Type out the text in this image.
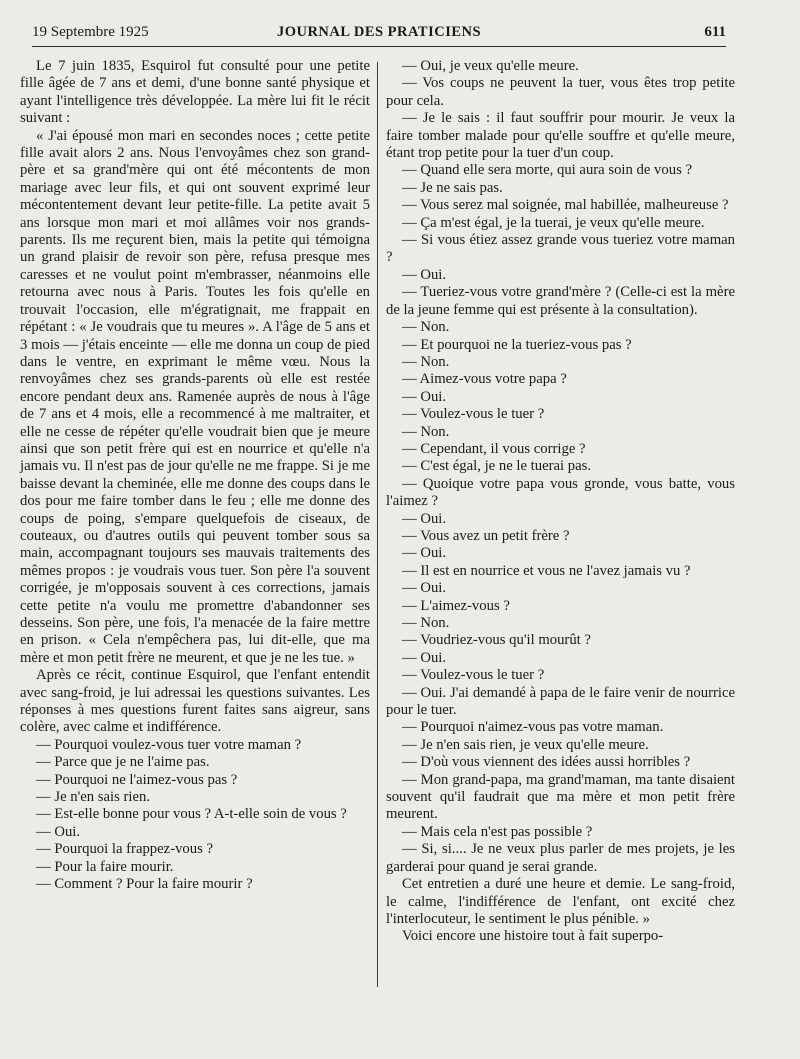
19 Septembre 1925	JOURNAL DES PRATICIENS	611

Le 7 juin 1835, Esquirol fut consulté pour une petite fille âgée de 7 ans et demi, d'une bonne santé physique et ayant l'intelligence très développée. La mère lui fit le récit suivant :

« J'ai épousé mon mari en secondes noces ; cette petite fille avait alors 2 ans. Nous l'envoyâmes chez son grand-père et sa grand'mère qui ont été mécontents de mon mariage avec leur fils, et qui ont souvent exprimé leur mécontentement devant leur petite-fille. La petite avait 5 ans lorsque mon mari et moi allâmes voir nos grands-parents. Ils me reçurent bien, mais la petite qui témoigna un grand plaisir de revoir son père, refusa presque mes caresses et ne voulut point m'embrasser, néanmoins elle retourna avec nous à Paris. Toutes les fois qu'elle en trouvait l'occasion, elle m'égratignait, me frappait en répétant : « Je voudrais que tu meures ». A l'âge de 5 ans et 3 mois — j'étais enceinte — elle me donna un coup de pied dans le ventre, en exprimant le même vœu. Nous la renvoyâmes chez ses grands-parents où elle est restée encore pendant deux ans. Ramenée auprès de nous à l'âge de 7 ans et 4 mois, elle a recommencé à me maltraiter, et elle ne cesse de répéter qu'elle voudrait bien que je meure ainsi que son petit frère qui est en nourrice et qu'elle n'a jamais vu. Il n'est pas de jour qu'elle ne me frappe. Si je me baisse devant la cheminée, elle me donne des coups dans le dos pour me faire tomber dans le feu ; elle me donne des coups de poing, s'empare quelquefois de ciseaux, de couteaux, ou d'autres outils qui peuvent tomber sous sa main, accompagnant toujours ses mauvais traitements des mêmes propos : je voudrais vous tuer. Son père l'a souvent corrigée, je m'opposais souvent à ces corrections, jamais cette petite n'a voulu me promettre d'abandonner ses desseins. Son père, une fois, l'a menacée de la faire mettre en prison. « Cela n'empêchera pas, lui dit-elle, que ma mère et mon petit frère ne meurent, et que je ne les tue. »

Après ce récit, continue Esquirol, que l'enfant entendit avec sang-froid, je lui adressai les questions suivantes. Les réponses à mes questions furent faites sans aigreur, sans colère, avec calme et indifférence.

— Pourquoi voulez-vous tuer votre maman ?

— Parce que je ne l'aime pas.

— Pourquoi ne l'aimez-vous pas ?

— Je n'en sais rien.

— Est-elle bonne pour vous ? A-t-elle soin de vous ?

— Oui.

— Pourquoi la frappez-vous ?

— Pour la faire mourir.

— Comment ? Pour la faire mourir ?

— Oui, je veux qu'elle meure.

— Vos coups ne peuvent la tuer, vous êtes trop petite pour cela.

— Je le sais : il faut souffrir pour mourir. Je veux la faire tomber malade pour qu'elle souffre et qu'elle meure, étant trop petite pour la tuer d'un coup.

— Quand elle sera morte, qui aura soin de vous ?

— Je ne sais pas.

— Vous serez mal soignée, mal habillée, malheureuse ?

— Ça m'est égal, je la tuerai, je veux qu'elle meure.

— Si vous étiez assez grande vous tueriez votre maman ?

— Oui.

— Tueriez-vous votre grand'mère ? (Celle-ci est la mère de la jeune femme qui est présente à la consultation).

— Non.

— Et pourquoi ne la tueriez-vous pas ?

— Non.

— Aimez-vous votre papa ?

— Oui.

— Voulez-vous le tuer ?

— Non.

— Cependant, il vous corrige ?

— C'est égal, je ne le tuerai pas.

— Quoique votre papa vous gronde, vous batte, vous l'aimez ?

— Oui.

— Vous avez un petit frère ?

— Oui.

— Il est en nourrice et vous ne l'avez jamais vu ?

— Oui.

— L'aimez-vous ?

— Non.

— Voudriez-vous qu'il mourût ?

— Oui.

— Voulez-vous le tuer ?

— Oui. J'ai demandé à papa de le faire venir de nourrice pour le tuer.

— Pourquoi n'aimez-vous pas votre maman.

— Je n'en sais rien, je veux qu'elle meure.

— D'où vous viennent des idées aussi horribles ?

— Mon grand-papa, ma grand'maman, ma tante disaient souvent qu'il faudrait que ma mère et mon petit frère meurent.

— Mais cela n'est pas possible ?

— Si, si.... Je ne veux plus parler de mes projets, je les garderai pour quand je serai grande.

Cet entretien a duré une heure et demie. Le sang-froid, le calme, l'indifférence de l'enfant, ont excité chez l'interlocuteur, le sentiment le plus pénible. »

Voici encore une histoire tout à fait superpo-
